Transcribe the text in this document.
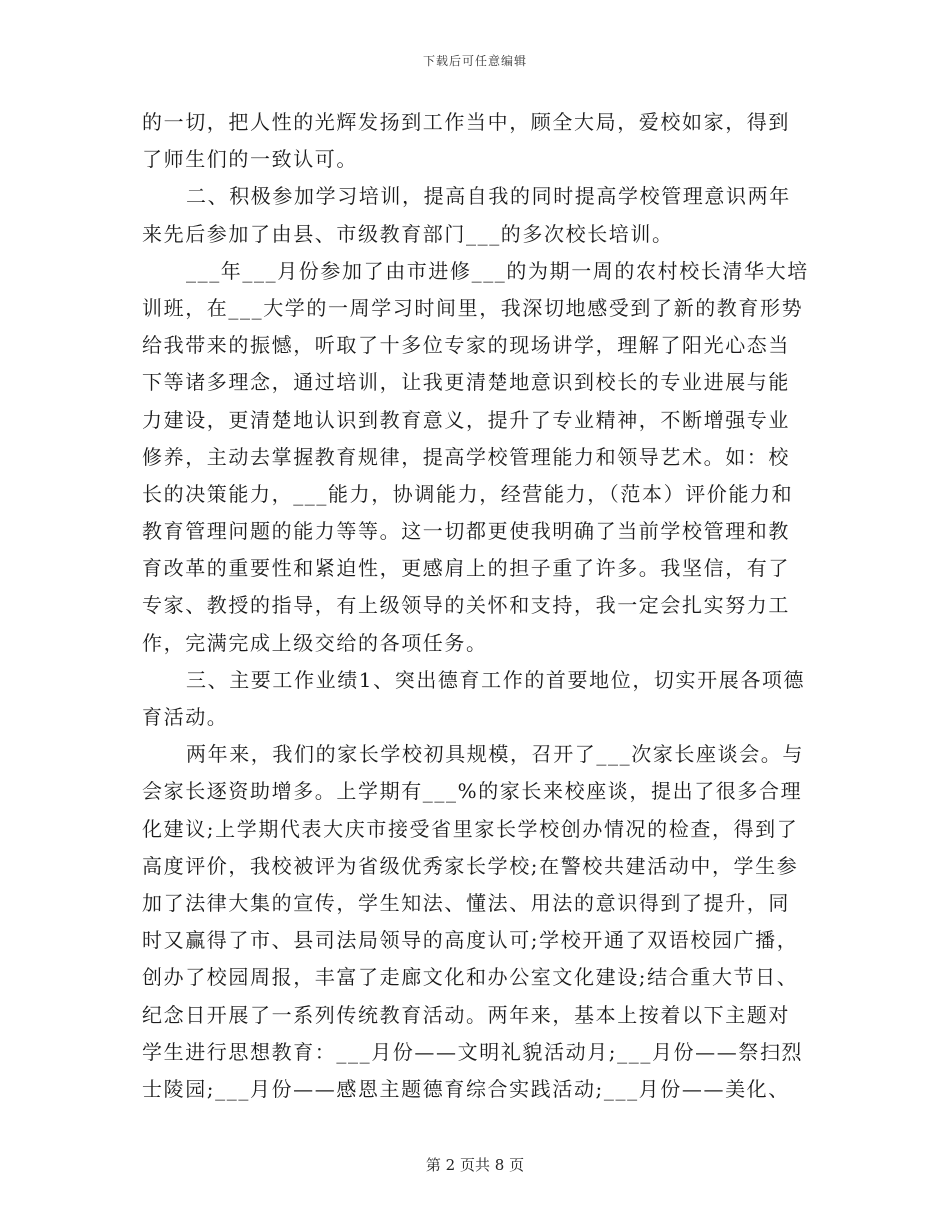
下载后可任意编辑
的一切，把人性的光辉发扬到工作当中，顾全大局，爱校如家，得到
了师生们的一致认可。
二、积极参加学习培训，提高自我的同时提高学校管理意识两年
来先后参加了由县、市级教育部门___的多次校长培训。
___年___月份参加了由市进修___的为期一周的农村校长清华大培
训班，在___大学的一周学习时间里，我深切地感受到了新的教育形势
给我带来的振憾，听取了十多位专家的现场讲学，理解了阳光心态当
下等诸多理念，通过培训，让我更清楚地意识到校长的专业进展与能
力建设，更清楚地认识到教育意义，提升了专业精神，不断增强专业
修养，主动去掌握教育规律，提高学校管理能力和领导艺术。如：校
长的决策能力，___能力，协调能力，经营能力，（范本）评价能力和
教育管理问题的能力等等。这一切都更使我明确了当前学校管理和教
育改革的重要性和紧迫性，更感肩上的担子重了许多。我坚信，有了
专家、教授的指导，有上级领导的关怀和支持，我一定会扎实努力工
作，完满完成上级交给的各项任务。
三、主要工作业绩1、突出德育工作的首要地位，切实开展各项德
育活动。
两年来，我们的家长学校初具规模，召开了___次家长座谈会。与
会家长逐资助增多。上学期有___%的家长来校座谈，提出了很多合理
化建议;上学期代表大庆市接受省里家长学校创办情况的检查，得到了
高度评价，我校被评为省级优秀家长学校;在警校共建活动中，学生参
加了法律大集的宣传，学生知法、懂法、用法的意识得到了提升，同
时又赢得了市、县司法局领导的高度认可;学校开通了双语校园广播，
创办了校园周报，丰富了走廊文化和办公室文化建设;结合重大节日、
纪念日开展了一系列传统教育活动。两年来，基本上按着以下主题对
学生进行思想教育：___月份——文明礼貌活动月;___月份——祭扫烈
士陵园;___月份——感恩主题德育综合实践活动;___月份——美化、
第 2 页共 8 页
